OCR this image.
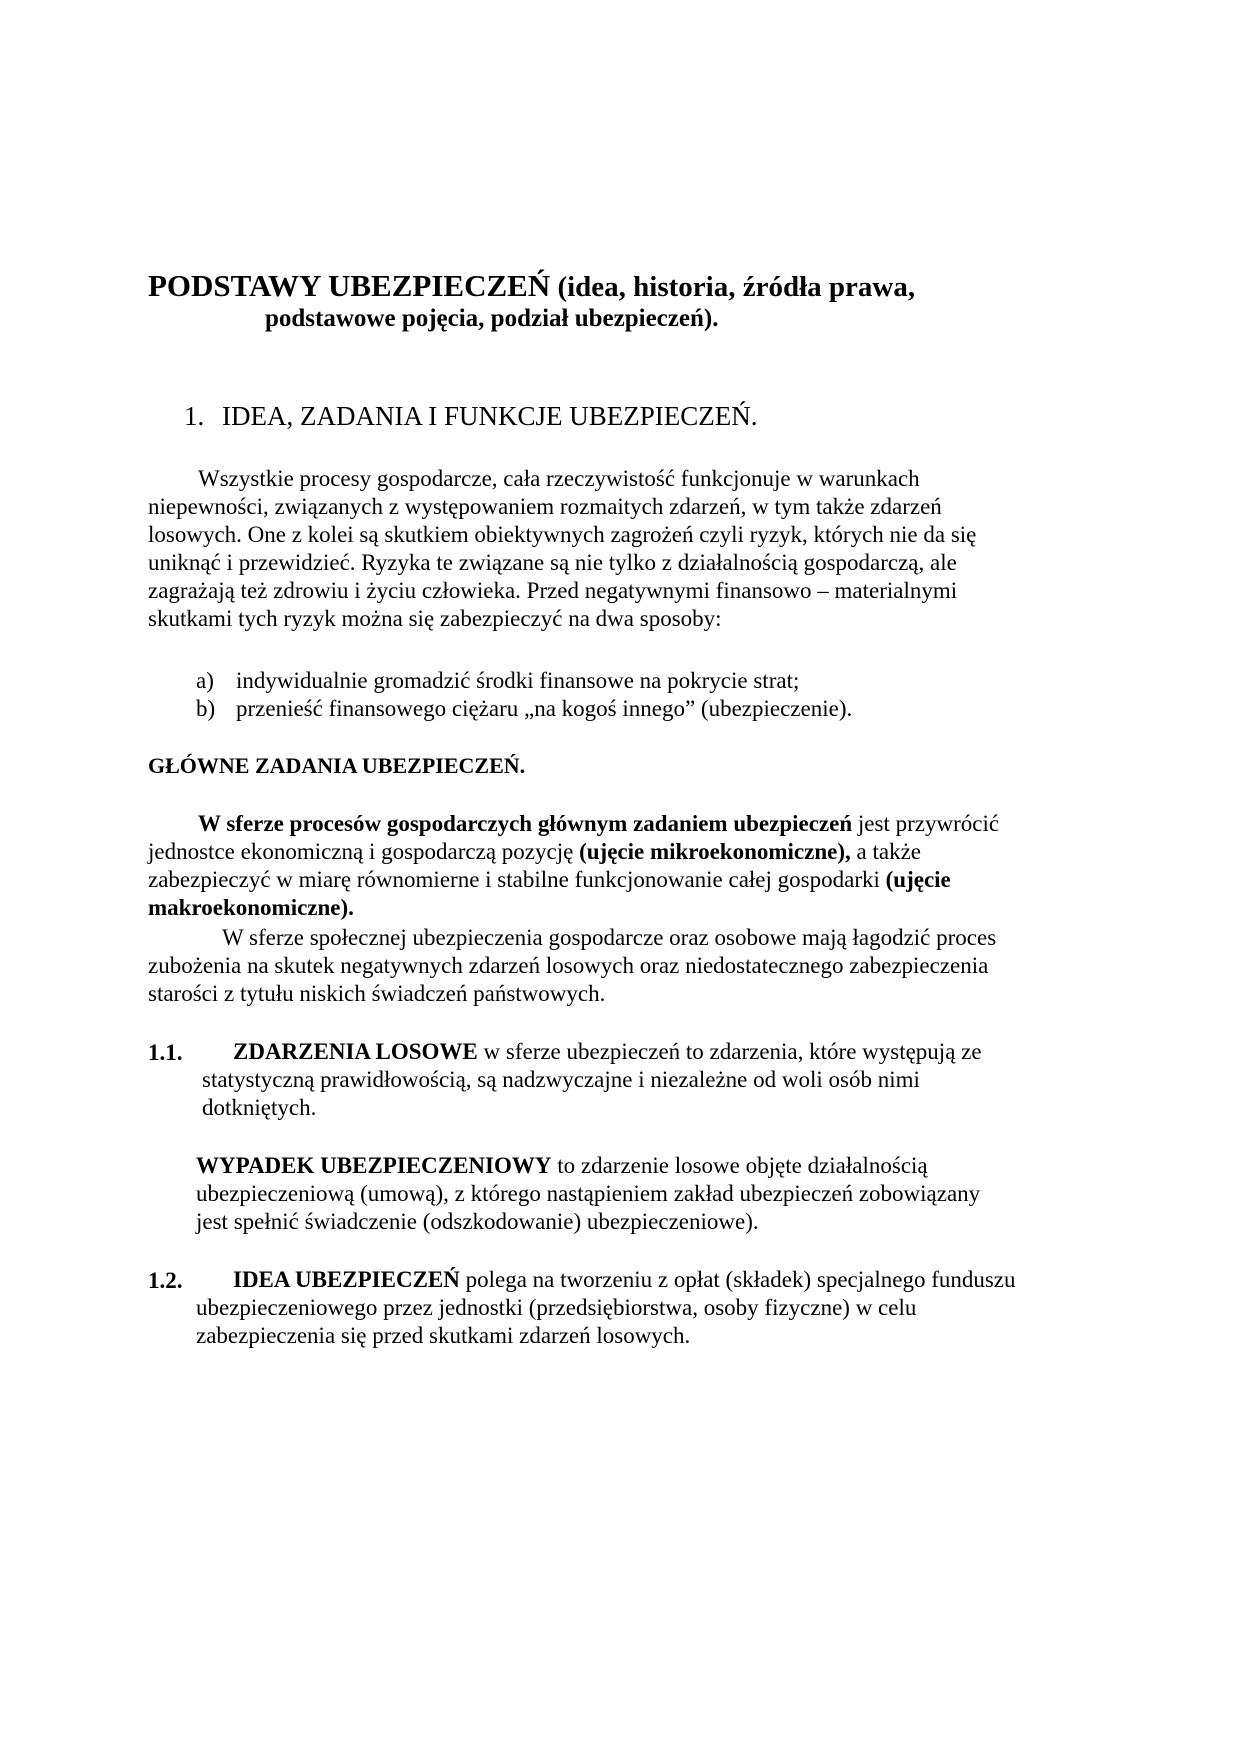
PODSTAWY UBEZPIECZEŃ (idea, historia, źródła prawa,
podstawowe pojęcia, podział ubezpieczeń).
1. IDEA, ZADANIA I FUNKCJE UBEZPIECZEŃ.
Wszystkie procesy gospodarcze, cała rzeczywistość funkcjonuje w warunkach
niepewności, związanych z występowaniem rozmaitych zdarzeń, w tym także zdarzeń
losowych. One z kolei są skutkiem obiektywnych zagrożeń czyli ryzyk, których nie da się
uniknąć i przewidzieć. Ryzyka te związane są nie tylko z działalnością gospodarczą, ale
zagrażają też zdrowiu i życiu człowieka. Przed negatywnymi finansowo – materialnymi
skutkami tych ryzyk można się zabezpieczyć na dwa sposoby:
a) indywidualnie gromadzić środki finansowe na pokrycie strat;
b) przenieść finansowego ciężaru „na kogoś innego” (ubezpieczenie).
GŁÓWNE ZADANIA UBEZPIECZEŃ.
W sferze procesów gospodarczych głównym zadaniem ubezpieczeń jest przywrócić
jednostce ekonomiczną i gospodarczą pozycję (ujęcie mikroekonomiczne), a także
zabezpieczyć w miarę równomierne i stabilne funkcjonowanie całej gospodarki (ujęcie
makroekonomiczne).
W sferze społecznej ubezpieczenia gospodarcze oraz osobowe mają łagodzić proces
zubożenia na skutek negatywnych zdarzeń losowych oraz niedostatecznego zabezpieczenia
starości z tytułu niskich świadczeń państwowych.
1.1. ZDARZENIA LOSOWE w sferze ubezpieczeń to zdarzenia, które występują ze
statystyczną prawidłowością, są nadzwyczajne i niezależne od woli osób nimi
dotkniętych.
WYPADEK UBEZPIECZENIOWY to zdarzenie losowe objęte działalnością
ubezpieczeniową (umową), z którego nastąpieniem zakład ubezpieczeń zobowiązany
jest spełnić świadczenie (odszkodowanie) ubezpieczeniowe).
1.2. IDEA UBEZPIECZEŃ polega na tworzeniu z opłat (składek) specjalnego funduszu
ubezpieczeniowego przez jednostki (przedsiębiorstwa, osoby fizyczne) w celu
zabezpieczenia się przed skutkami zdarzeń losowych.
